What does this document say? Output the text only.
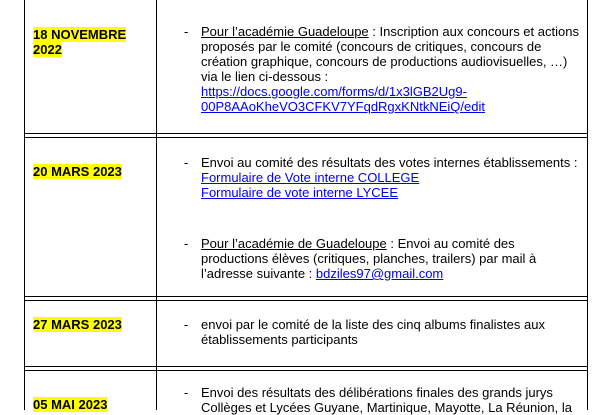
18 NOVEMBRE
2022
- Pour l’académie Guadeloupe : Inscription aux concours et actions proposés par le comité (concours de critiques, concours de création graphique, concours de productions audiovisuelles, …) via le lien ci-dessous :
https://docs.google.com/forms/d/1x3lGB2Ug9-
00P8AAoKheVO3CFKV7YFqdRgxKNtkNEiQ/edit
20 MARS 2023
- Envoi au comité des résultats des votes internes établissements :
Formulaire de Vote interne COLLEGE
Formulaire de vote interne LYCEE
- Pour l’académie de Guadeloupe : Envoi au comité des productions élèves (critiques, planches, trailers) par mail à l’adresse suivante : bdziles97@gmail.com
27 MARS 2023	- envoi par le comité de la liste des cinq albums finalistes aux établissements participants
05 MAI 2023
- Envoi des résultats des délibérations finales des grands jurys Collèges et Lycées Guyane, Martinique, Mayotte, La Réunion, la
